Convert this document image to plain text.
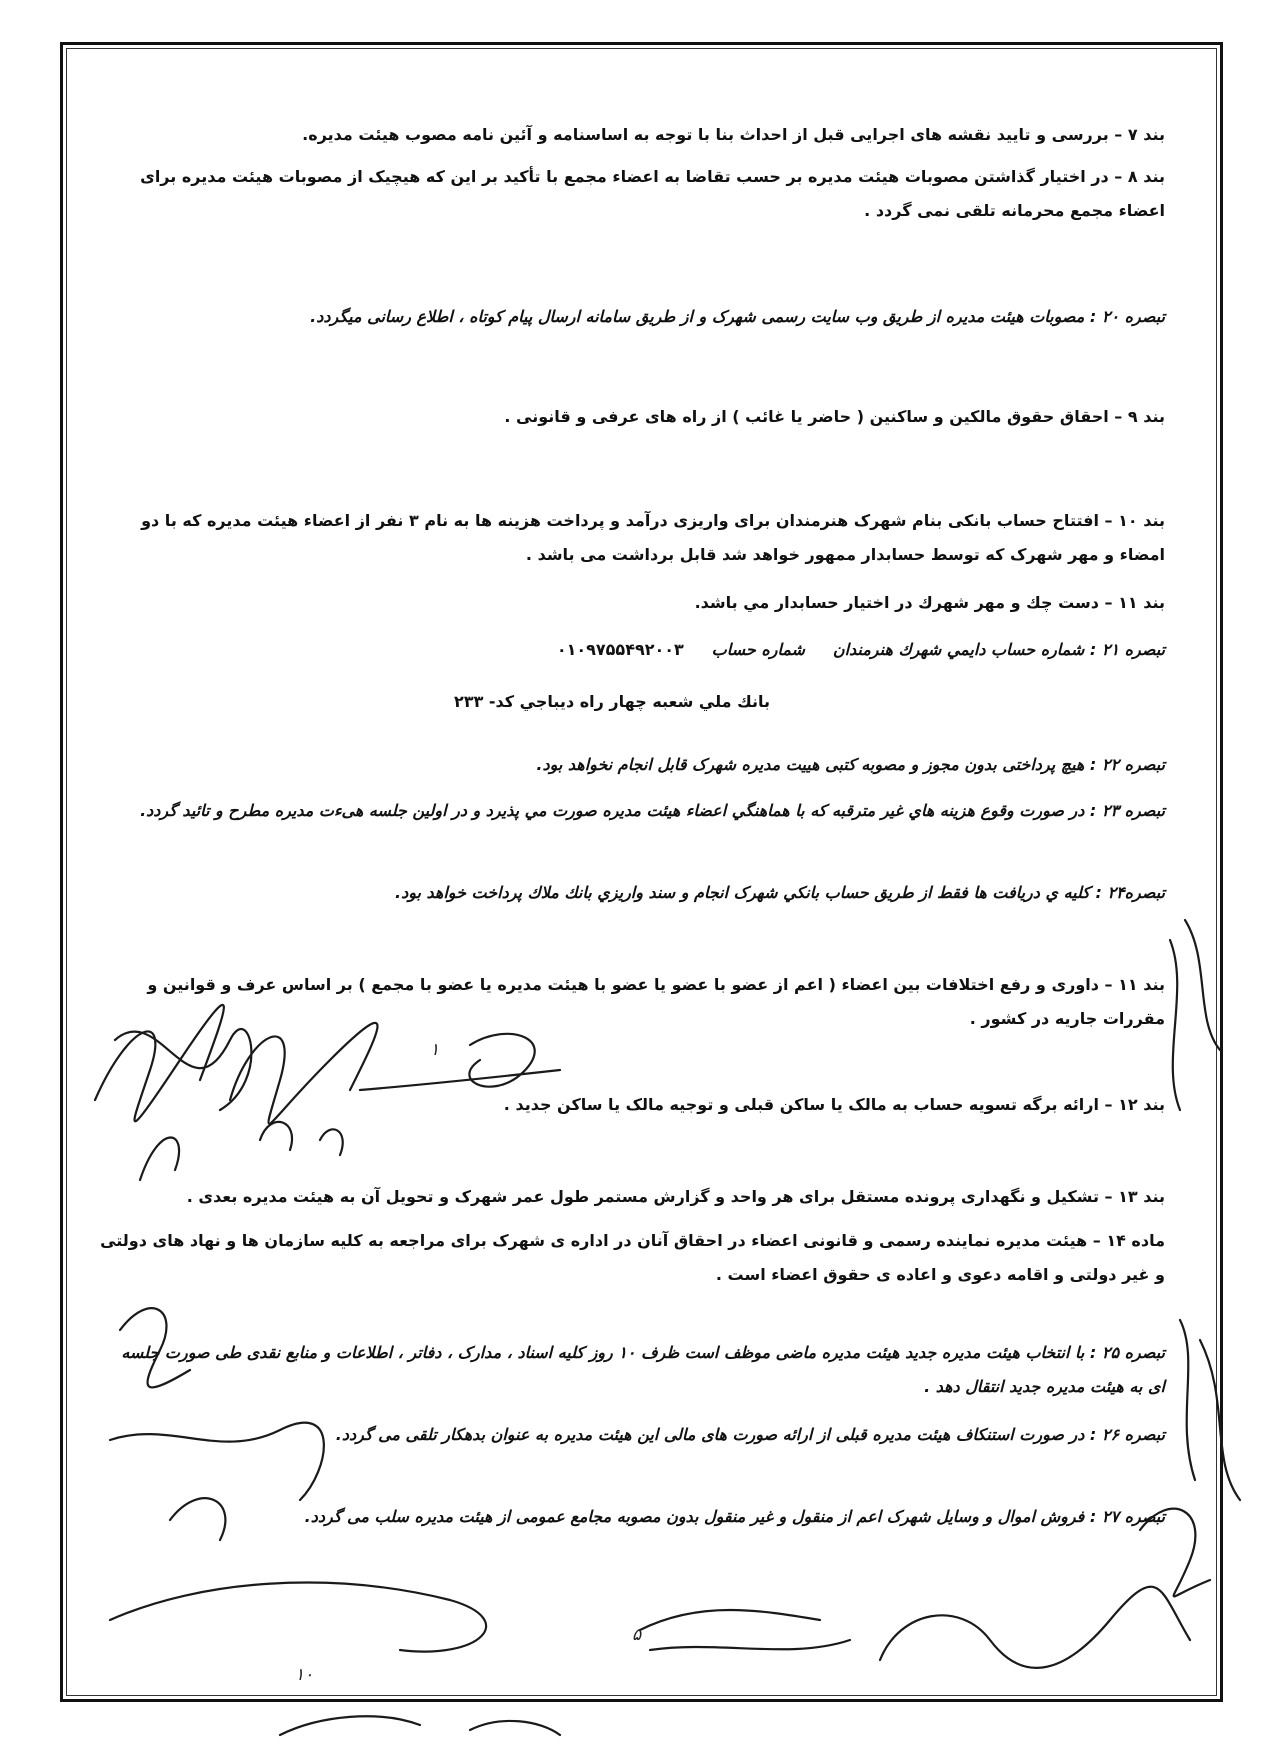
بند ۷ – بررسی و تایید نقشه های اجرایی قبل از احداث بنا با توجه به اساسنامه و آئین نامه مصوب هیئت مدیره.
بند ۸ – در اختیار گذاشتن مصوبات هیئت مدیره بر حسب تقاضا به اعضاء مجمع با تأکید بر این که هیچیک از مصوبات هیئت مدیره برای اعضاء مجمع محرمانه تلقی نمی گردد .
تبصره ۲۰ : مصوبات هیئت مدیره از طریق وب سایت رسمی شهرک و از طریق سامانه ارسال پیام کوتاه ، اطلاع رسانی میگردد.
بند ۹ – احقاق حقوق مالکین و ساکنین ( حاضر یا غائب ) از راه های عرفی و قانونی .
بند ۱۰ – افتتاح حساب بانکی بنام شهرک هنرمندان برای واریزی درآمد و پرداخت هزینه ها به نام ۳ نفر از اعضاء هیئت مدیره که با دو امضاء و مهر شهرک که توسط حسابدار ممهور خواهد شد قابل برداشت می باشد .
بند ۱۱ – دست چك و مهر شهرك در اختیار حسابدار مي باشد.
تبصره ۲۱ : شماره حساب دایمي شهرك هنرمندان     شماره حساب     ۰۱۰۹۷۵۵۴۹۲۰۰۳
بانك ملي شعبه چهار راه دیباجي کد- ۲۳۳
تبصره ۲۲ : هیچ پرداختی بدون مجوز و مصوبه کتبی هییت مدیره شهرک قابل انجام نخواهد بود.
تبصره ۲۳ : در صورت وقوع هزینه هاي غیر مترقبه که با هماهنگي اعضاء هیئت مدیره صورت مي پذیرد و در اولین جلسه هیءت مدیره مطرح و تائید گردد.
تبصره۲۴ : کلیه ي دریافت ها فقط از طریق حساب بانکي شهرک انجام و سند واریزي بانك ملاك پرداخت خواهد بود.
بند ۱۱ – داوری و رفع اختلافات بین اعضاء ( اعم از عضو با عضو یا عضو با هیئت مدیره یا عضو با مجمع ) بر اساس عرف و قوانین و مقررات جاریه در کشور .
بند ۱۲ – ارائه برگه تسویه حساب به مالک یا ساکن قبلی و توجیه مالک یا ساکن جدید .
بند ۱۳ – تشکیل و نگهداری پرونده مستقل برای هر واحد و گزارش مستمر طول عمر شهرک و تحویل آن به هیئت مدیره بعدی .
ماده ۱۴ – هیئت مدیره نماینده رسمی و قانونی اعضاء در احقاق آنان در اداره ی شهرک برای مراجعه به کلیه سازمان ها و نهاد های دولتی و غیر دولتی و اقامه دعوی و اعاده ی حقوق اعضاء است .
تبصره ۲۵ : با انتخاب هیئت مدیره جدید هیئت مدیره ماضی موظف است ظرف ۱۰ روز کلیه اسناد ، مدارک ، دفاتر ، اطلاعات و منابع نقدی طی صورت جلسه ای به هیئت مدیره جدید انتقال دهد .
تبصره ۲۶ : در صورت استنکاف هیئت مدیره قبلی از ارائه صورت های مالی این هیئت مدیره به عنوان بدهکار تلقی می گردد.
تبصره ۲۷ : فروش اموال و وسایل شهرک اعم از منقول و غیر منقول بدون مصوبه مجامع عمومی از هیئت مدیره سلب می گردد.
۱
۱۰
۵
